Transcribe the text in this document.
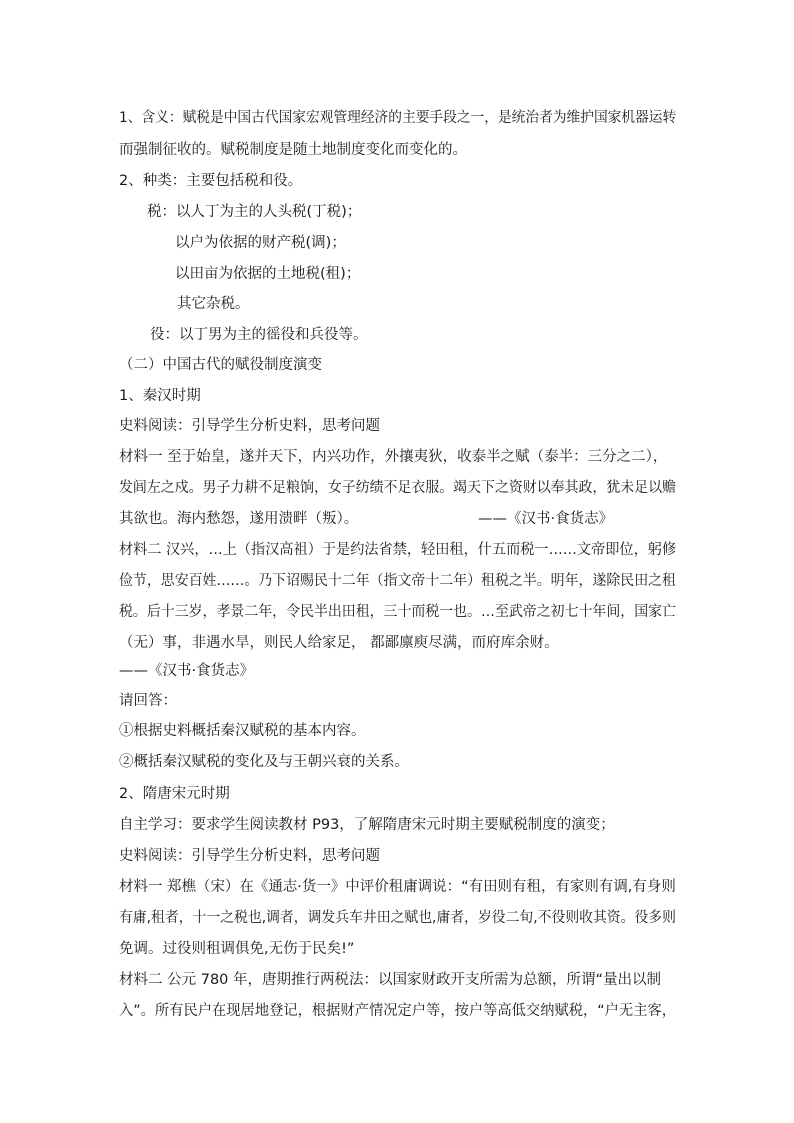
1、含义：赋税是中国古代国家宏观管理经济的主要手段之一，是统治者为维护国家机器运转
而强制征收的。赋税制度是随土地制度变化而变化的。
2、种类：主要包括税和役。
税：以人丁为主的人头税(丁税)；
以户为依据的财产税(调)；
以田亩为依据的土地税(租)；
其它杂税。
役：以丁男为主的徭役和兵役等。
（二）中国古代的赋役制度演变
1、秦汉时期
史料阅读：引导学生分析史料，思考问题
材料一 至于始皇，遂并天下，内兴功作，外攘夷狄，收泰半之赋（泰半：三分之二），
发闾左之戍。男子力耕不足粮饷，女子纺绩不足衣服。竭天下之资财以奉其政，犹未足以赡
其欲也。海内愁怨，遂用溃畔（叛）。	——《汉书·食货志》
材料二 汉兴，…上（指汉高祖）于是约法省禁，轻田租，什五而税一……文帝即位，躬修
俭节，思安百姓……。乃下诏赐民十二年（指文帝十二年）租税之半。明年，遂除民田之租
税。后十三岁，孝景二年，令民半出田租，三十而税一也。…至武帝之初七十年间，国家亡
（无）事，非遇水旱，则民人给家足， 都鄙廪庾尽满，而府库余财。
——《汉书·食货志》
请回答：
①根据史料概括秦汉赋税的基本内容。
②概括秦汉赋税的变化及与王朝兴衰的关系。
2、隋唐宋元时期
自主学习：要求学生阅读教材 P93，了解隋唐宋元时期主要赋税制度的演变；
史料阅读：引导学生分析史料，思考问题
材料一 郑樵（宋）在《通志·货一》中评价租庸调说：“有田则有租，有家则有调,有身则
有庸,租者，十一之税也,调者，调发兵车井田之赋也,庸者，岁役二旬,不役则收其资。役多则
免调。过役则租调俱免,无伤于民矣!”
材料二 公元 780 年，唐期推行两税法：以国家财政开支所需为总额，所谓“量出以制
入”。所有民户在现居地登记，根据财产情况定户等，按户等高低交纳赋税，“户无主客，
